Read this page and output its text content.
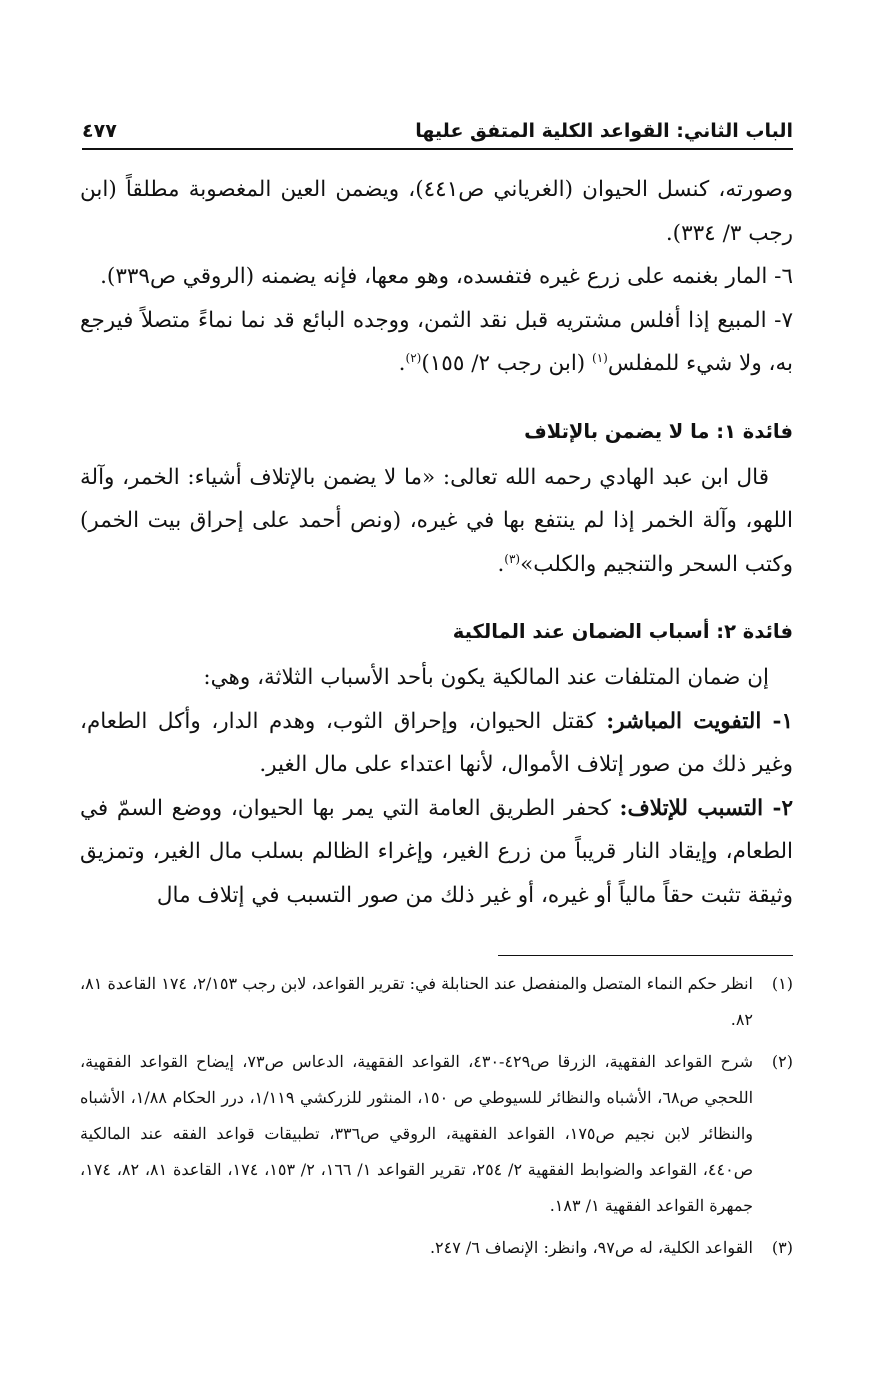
الباب الثاني: القواعد الكلية المتفق عليها
٤٧٧

وصورته، كنسل الحيوان (الغرياني ص٤٤١)، ويضمن العين المغصوبة مطلقاً (ابن رجب ٣/ ٣٣٤).

٦- المار بغنمه على زرع غيره فتفسده، وهو معها، فإنه يضمنه (الروقي ص٣٣٩).

٧- المبيع إذا أفلس مشتريه قبل نقد الثمن، ووجده البائع قد نما نماءً متصلاً فيرجع به، ولا شيء للمفلس$^{(١)}$ (ابن رجب ٢/ ١٥٥)$^{(٢)}$.

فائدة ١: ما لا يضمن بالإتلاف

قال ابن عبد الهادي رحمه الله تعالى: «ما لا يضمن بالإتلاف أشياء: الخمر، وآلة اللهو، وآلة الخمر إذا لم ينتفع بها في غيره، (ونص أحمد على إحراق بيت الخمر) وكتب السحر والتنجيم والكلب»$^{(٣)}$.

فائدة ٢: أسباب الضمان عند المالكية

إن ضمان المتلفات عند المالكية يكون بأحد الأسباب الثلاثة، وهي:

١- التفويت المباشر: كقتل الحيوان، وإحراق الثوب، وهدم الدار، وأكل الطعام، وغير ذلك من صور إتلاف الأموال، لأنها اعتداء على مال الغير.

٢- التسبب للإتلاف: كحفر الطريق العامة التي يمر بها الحيوان، ووضع السمّ في الطعام، وإيقاد النار قريباً من زرع الغير، وإغراء الظالم بسلب مال الغير، وتمزيق وثيقة تثبت حقاً مالياً أو غيره، أو غير ذلك من صور التسبب في إتلاف مال

(١)
انظر حكم النماء المتصل والمنفصل عند الحنابلة في: تقرير القواعد، لابن رجب ٢/١٥٣، ١٧٤ القاعدة ٨١، ٨٢.
(٢)
شرح القواعد الفقهية، الزرقا ص٤٢٩-٤٣٠، القواعد الفقهية، الدعاس ص٧٣، إيضاح القواعد الفقهية، اللحجي ص٦٨، الأشباه والنظائر للسيوطي ص ١٥٠، المنثور للزركشي ١/١١٩، درر الحكام ١/٨٨، الأشباه والنظائر لابن نجيم ص١٧٥، القواعد الفقهية، الروقي ص٣٣٦، تطبيقات قواعد الفقه عند المالكية ص٤٤٠، القواعد والضوابط الفقهية ٢/ ٢٥٤، تقرير القواعد ١/ ١٦٦، ٢/ ١٥٣، ١٧٤، القاعدة ٨١، ٨٢، ١٧٤، جمهرة القواعد الفقهية ١/ ١٨٣.
(٣)
القواعد الكلية، له ص٩٧، وانظر: الإنصاف ٦/ ٢٤٧.
